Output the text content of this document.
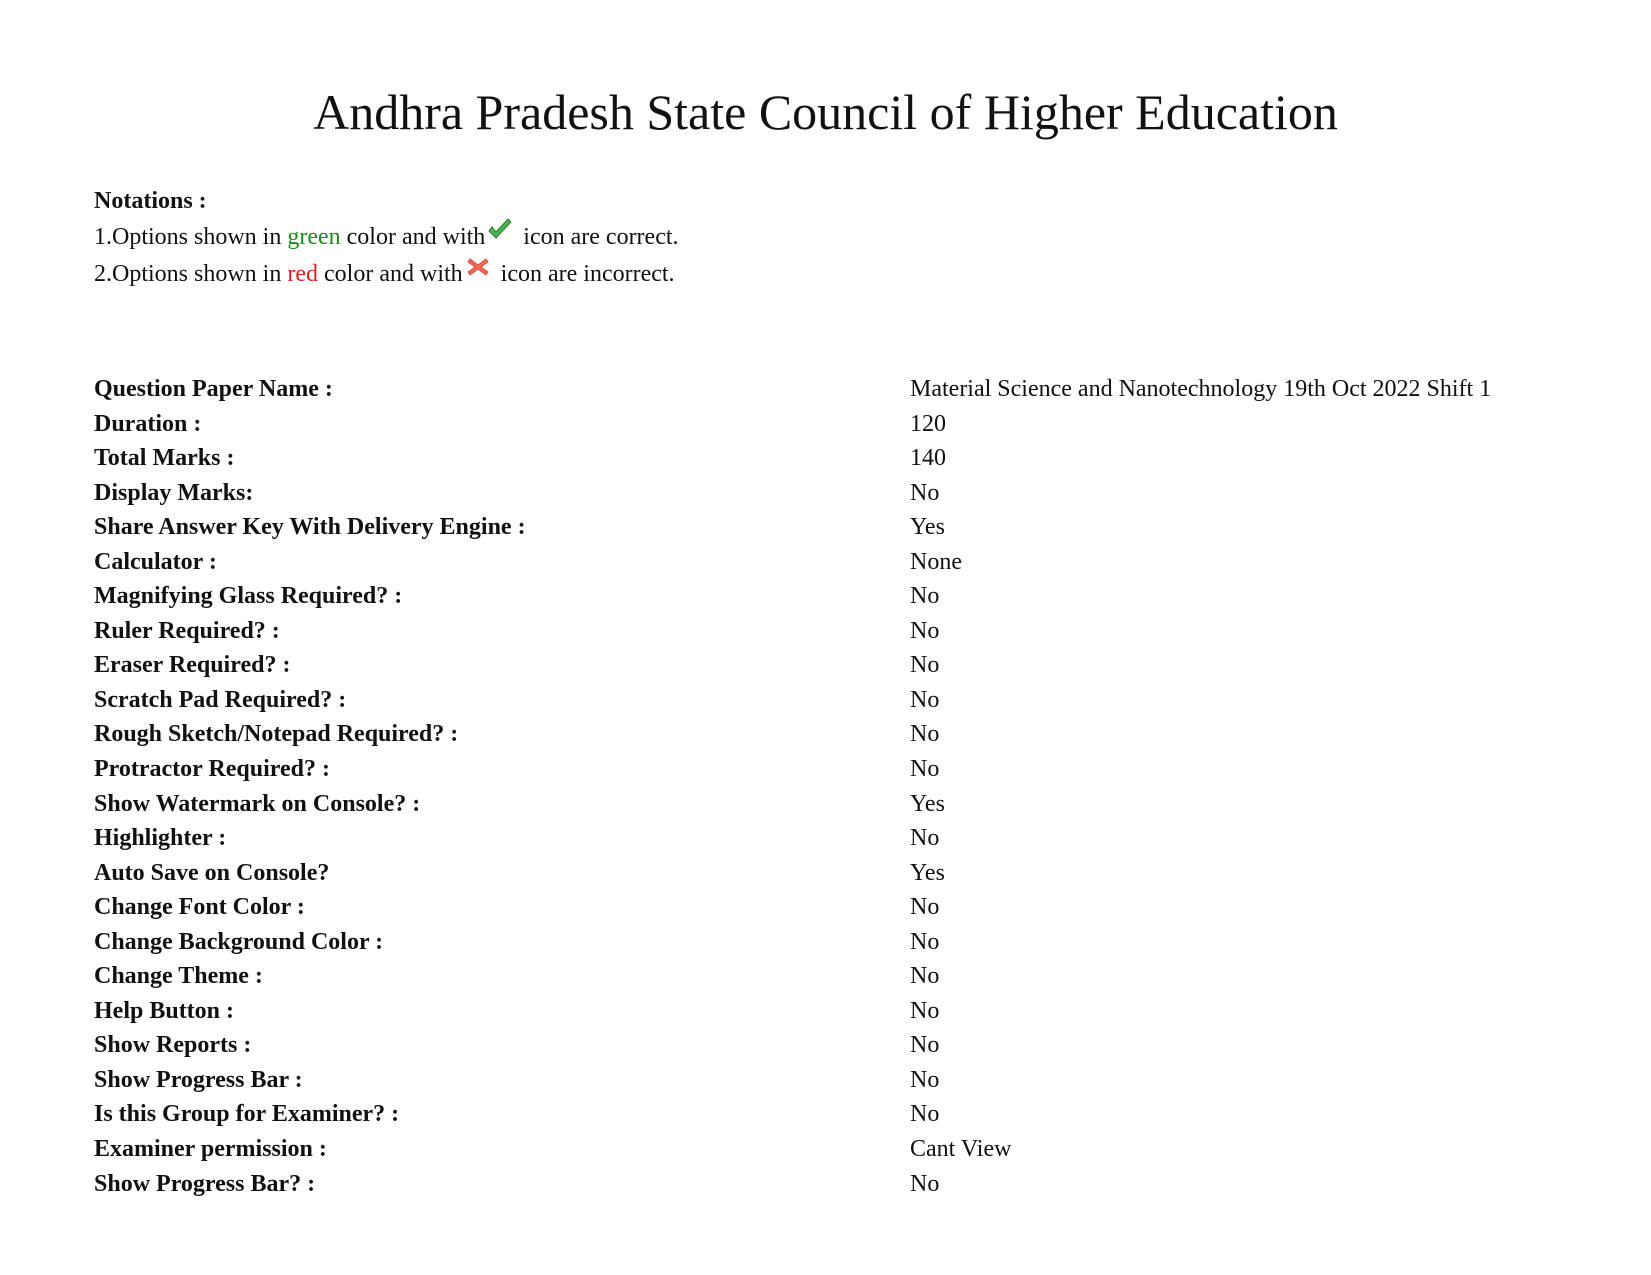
Andhra Pradesh State Council of Higher Education
Notations :
1.Options shown in green color and with
icon are correct.
2.Options shown in red color and with
icon are incorrect.
Question Paper Name :	Material Science and Nanotechnology 19th Oct 2022 Shift 1
Duration :	120
Total Marks :	140
Display Marks:	No
Share Answer Key With Delivery Engine :	Yes
Calculator :	None
Magnifying Glass Required? :	No
Ruler Required? :	No
Eraser Required? :	No
Scratch Pad Required? :	No
Rough Sketch/Notepad Required? :	No
Protractor Required? :	No
Show Watermark on Console? :	Yes
Highlighter :	No
Auto Save on Console?	Yes
Change Font Color :	No
Change Background Color :	No
Change Theme :	No
Help Button :	No
Show Reports :	No
Show Progress Bar :	No
Is this Group for Examiner? :	No
Examiner permission :	Cant View
Show Progress Bar? :	No
